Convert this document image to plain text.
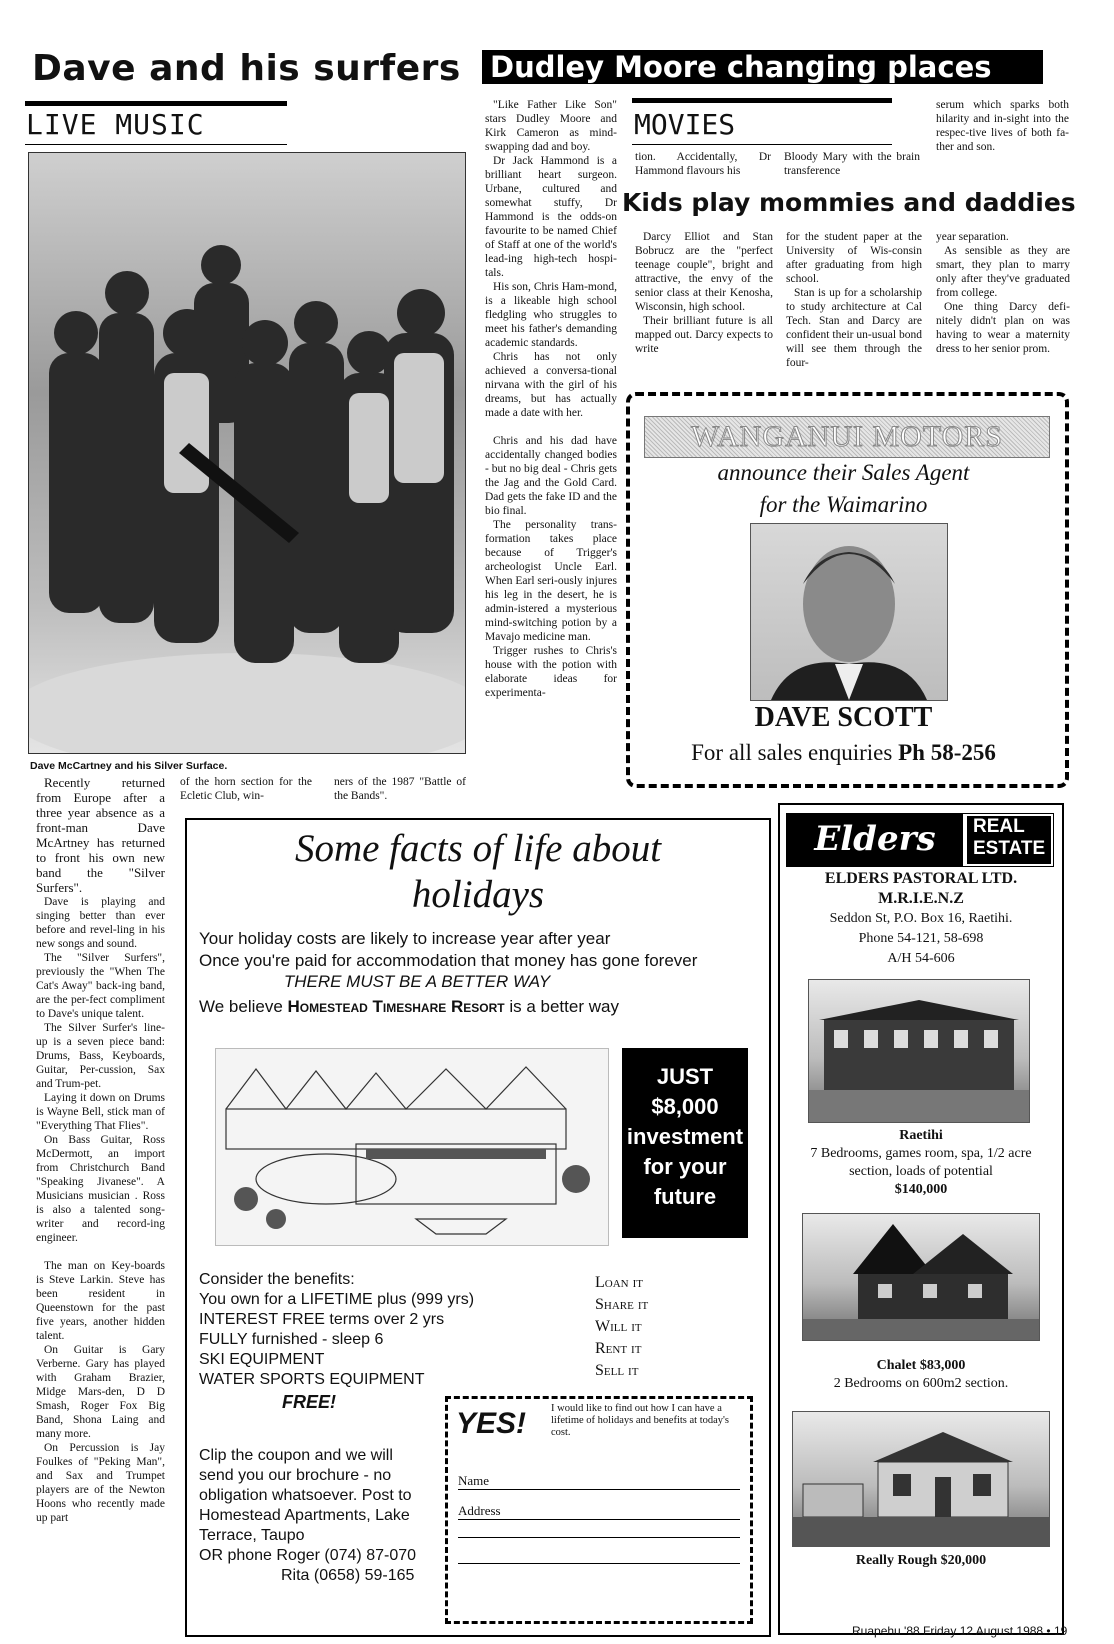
Dave and his surfers Dudley Moore changing places
LIVE MUSIC
Dave McCartney and his Silver Surface.

Recently returned from Europe after a three year absence as a front-man Dave McArtney has returned to front his own new band the "Silver Surfers".

Dave is playing and singing better than ever before and revel-ling in his new songs and sound.

The "Silver Surfers", previously the "When The Cat's Away" back-ing band, are the per-fect compliment to Dave's unique talent.

The Silver Surfer's line-up is a seven piece band: Drums, Bass, Keyboards, Guitar, Per-cussion, Sax and Trum-pet.

Laying it down on Drums is Wayne Bell, stick man of "Everything That Flies".

On Bass Guitar, Ross McDermott, an import from Christchurch Band "Speaking Jivanese". A Musicians musician . Ross is also a talented song-writer and record-ing engineer.

The man on Key-boards is Steve Larkin. Steve has been resident in Queenstown for the past five years, another hidden talent.

On Guitar is Gary Verberne. Gary has played with Graham Brazier, Midge Mars-den, D D Smash, Roger Fox Big Band, Shona Laing and many more.

On Percussion is Jay Foulkes of "Peking Man", and Sax and Trumpet players are of the Newton Hoons who recently made up part

of the horn section for the Ecletic Club, win-

ners of the 1987 "Battle of the Bands".

"Like Father Like Son" stars Dudley Moore and Kirk Cameron as mind-swapping dad and boy.

Dr Jack Hammond is a brilliant heart surgeon. Urbane, cultured and somewhat stuffy, Dr Hammond is the odds-on favourite to be named Chief of Staff at one of the world's lead-ing high-tech hospi-tals.

His son, Chris Ham-mond, is a likeable high school fledgling who struggles to meet his father's demanding academic standards.

Chris has not only achieved a conversa-tional nirvana with the girl of his dreams, but has actually made a date with her.

Chris and his dad have accidentally changed bodies - but no big deal - Chris gets the Jag and the Gold Card. Dad gets the fake ID and the bio final.

The personality trans-formation takes place because of Trigger's archeologist Uncle Earl. When Earl seri-ously injures his leg in the desert, he is admin-istered a mysterious mind-switching potion by a Mavajo medicine man.

Trigger rushes to Chris's house with the potion with elaborate ideas for experimenta-

MOVIES

tion. Accidentally, Dr Hammond flavours his

Bloody Mary with the brain transference

serum which sparks both hilarity and in-sight into the respec-tive lives of both fa-ther and son.

Kids play mommies and daddies

Darcy Elliot and Stan Bobrucz are the "perfect teenage couple", bright and attractive, the envy of the senior class at their Kenosha, Wisconsin, high school.

Their brilliant future is all mapped out. Darcy expects to write

for the student paper at the University of Wis-consin after graduating from high school.

Stan is up for a scholarship to study architecture at Cal Tech. Stan and Darcy are confident their un-usual bond will see them through the four-

year separation.

As sensible as they are smart, they plan to marry only after they've graduated from college.

One thing Darcy defi-nitely didn't plan on was having to wear a maternity dress to her senior prom.

WANGANUI MOTORS
announce their Sales Agent
for the Waimarino
DAVE SCOTT
For all sales enquiries Ph 58-256
Some facts of life about
holidays
Your holiday costs are likely to increase year after year
Once you're paid for accommodation that money has gone forever
THERE MUST BE A BETTER WAY
We believe Homestead Timeshare Resort is a better way
JUST
$8,000
investment
for your
future
Consider the benefits:
You own for a LIFETIME plus (999 yrs)
INTEREST FREE terms over 2 yrs
FULLY furnished - sleep 6
SKI EQUIPMENT
WATER SPORTS EQUIPMENT
FREE!
Loan it
Share it
Will it
Rent it
Sell it
Clip the coupon and we will
send you our brochure - no
obligation whatsoever. Post to
Homestead Apartments, Lake
Terrace, Taupo
OR phone Roger (074) 87-070
Rita (0658) 59-165
YES! I would like to find out how I can have a lifetime of holidays and benefits at today's cost.
Name
Address
Elders	REAL
ESTATE
ELDERS PASTORAL LTD.
M.R.I.E.N.Z
Seddon St, P.O. Box 16, Raetihi.
Phone 54-121, 58-698
A/H 54-606
Raetihi
7 Bedrooms, games room, spa, 1/2 acre section, loads of potential
$140,000
Chalet $83,000
2 Bedrooms on 600m2 section.
Really Rough $20,000
Ruapehu '88 Friday 12 August 1988 • 19
